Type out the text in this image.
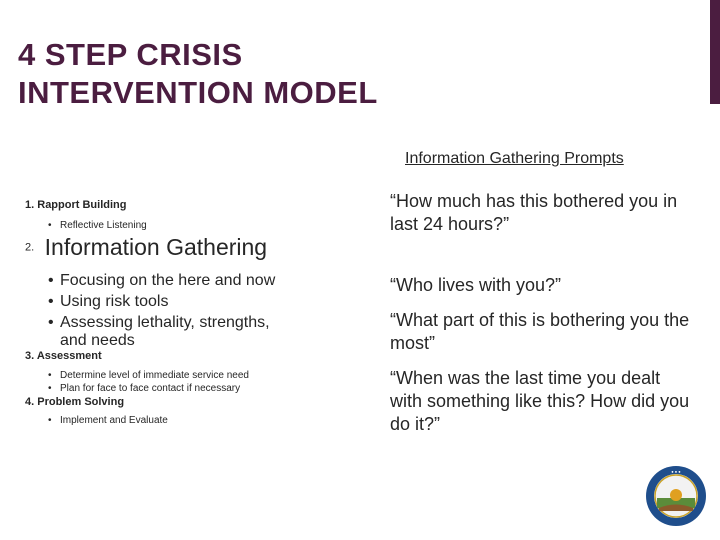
4 STEP CRISIS
INTERVENTION MODEL
Information Gathering Prompts
1. Rapport Building
• Reflective Listening
2. Information Gathering
• Focusing on the here and now
• Using risk tools
• Assessing lethality, strengths,
and needs
3. Assessment
• Determine level of immediate service need
• Plan for face to face contact if necessary
4. Problem Solving
• Implement and Evaluate
“How much has this bothered you in last 24 hours?”
“Who lives with you?”
“What part of this is bothering you the most”
“When was the last time you dealt with something like this? How did you do it?”
● ● ●
